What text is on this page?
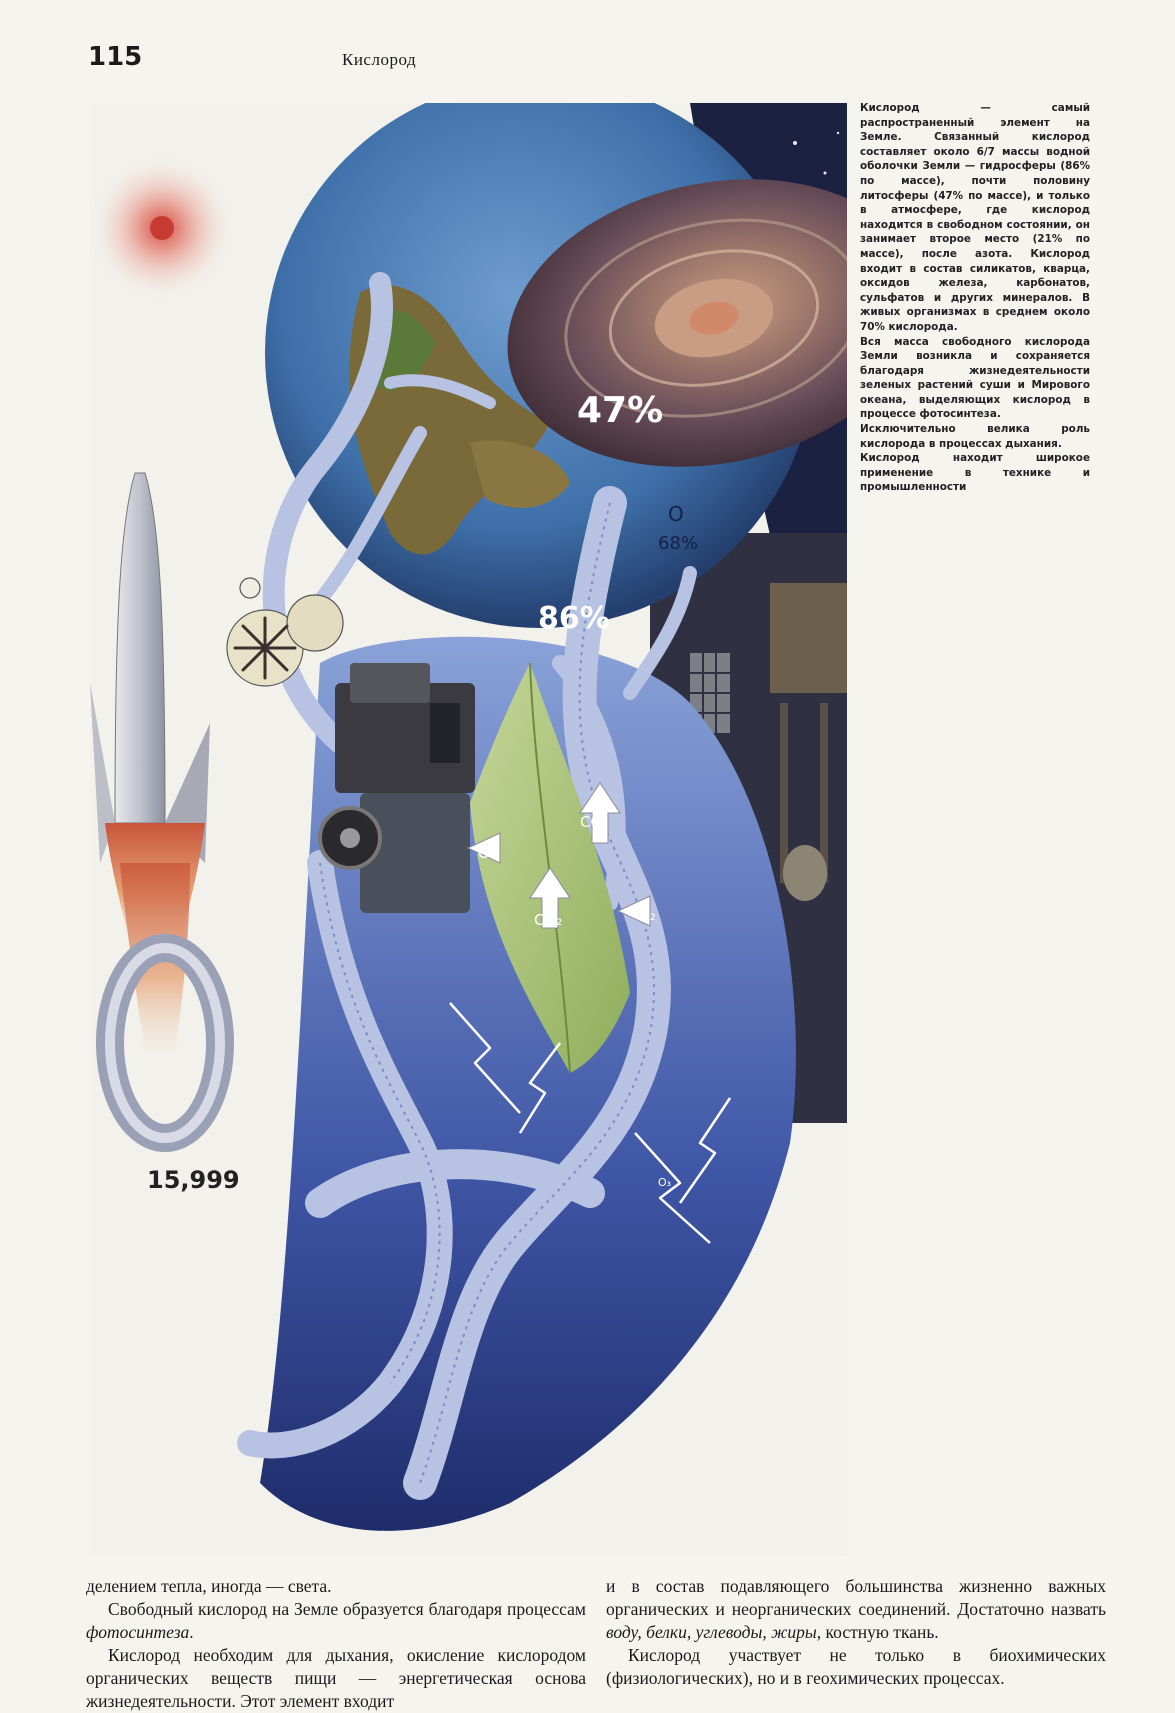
115	Кислород
47%
86%
O
68%
O₂
CO₂
CO₂	O₂
O₃
15,999

Кислород — самый распространенный элемент на Земле. Связанный кислород составляет около 6/7 массы водной оболочки Земли — гидросферы (86% по массе), почти половину литосферы (47% по массе), и только в атмосфере, где кислород находится в свободном состоянии, он занимает второе место (21% по массе), после азота. Кислород входит в состав силикатов, кварца, оксидов железа, карбонатов, сульфатов и других минералов. В живых организмах в среднем около 70% кислорода.

Вся масса свободного кислорода Земли возникла и сохраняется благодаря жизнедеятельности зеленых растений суши и Мирового океана, выделяющих кислород в процессе фотосинтеза.

Исключительно велика роль кислорода в процессах дыхания.

Кислород находит широкое применение в технике и промышленности

делением тепла, иногда — света.

Свободный кислород на Земле образуется благодаря процессам фотосинтеза.

Кислород необходим для дыхания, окисление кислородом органических веществ пищи — энергетическая основа жизнедеятельности. Этот элемент входит

и в состав подавляющего большинства жизненно важных органических и неорганических соединений. Достаточно назвать воду, белки, углеводы, жиры, костную ткань.

Кислород участвует не только в биохимических (физиологических), но и в геохимических процессах.
